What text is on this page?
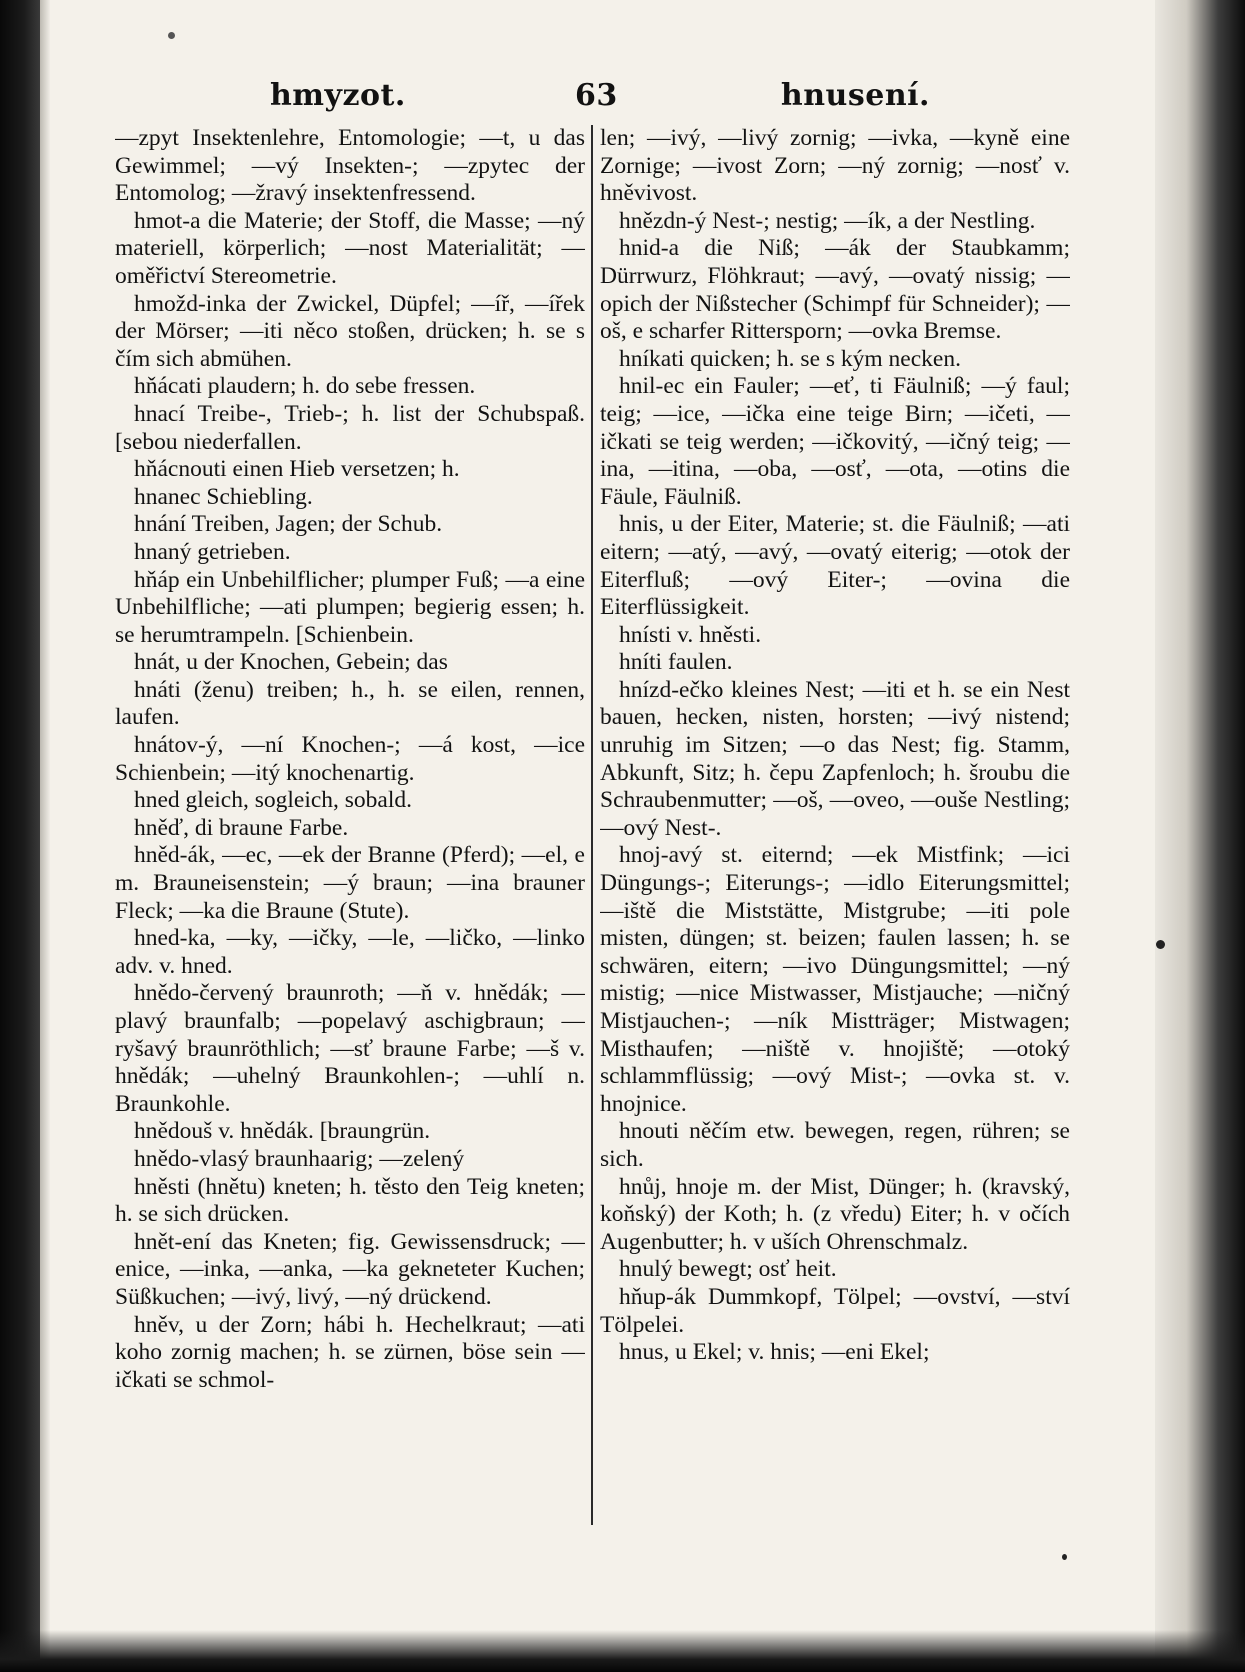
hmyzot.	63	hnusení.

—zpyt Insektenlehre, Entomologie; —t, u das Gewimmel; —vý Insekten-; —zpytec der Entomolog; —žravý insektenfressend.

hmot-a die Materie; der Stoff, die Masse; —ný materiell, körperlich; —nost Materialität; —oměřictví Stereometrie.

hmožd-inka der Zwickel, Düpfel; —íř, —ířek der Mörser; —iti něco stoßen, drücken; h. se s čím sich abmühen.

hňácati plaudern; h. do sebe fressen.

hnací Treibe-, Trieb-; h. list der Schubspaß. [sebou niederfallen.

hňácnouti einen Hieb versetzen; h.

hnanec Schiebling.

hnání Treiben, Jagen; der Schub.

hnaný getrieben.

hňáp ein Unbehilflicher; plumper Fuß; —a eine Unbehilfliche; —ati plumpen; begierig essen; h. se herumtrampeln. [Schienbein.

hnát, u der Knochen, Gebein; das

hnáti (ženu) treiben; h., h. se eilen, rennen, laufen.

hnátov-ý, —ní Knochen-; —á kost, —ice Schienbein; —itý knochenartig.

hned gleich, sogleich, sobald.

hněď, di braune Farbe.

hněd-ák, —ec, —ek der Branne (Pferd); —el, e m. Brauneisenstein; —ý braun; —ina brauner Fleck; —ka die Braune (Stute).

hned-ka, —ky, —ičky, —le, —ličko, —linko adv. v. hned.

hnědo-červený braunroth; —ň v. hnědák; —plavý braunfalb; —popelavý aschigbraun; —ryšavý braunröthlich; —sť braune Farbe; —š v. hnědák; —uhelný Braunkohlen-; —uhlí n. Braunkohle.

hnědouš v. hnědák. [braungrün.

hnědo-vlasý braunhaarig; —zelený

hněsti (hnětu) kneten; h. těsto den Teig kneten; h. se sich drücken.

hnět-ení das Kneten; fig. Gewissensdruck; —enice, —inka, —anka, —ka gekneteter Kuchen; Süßkuchen; —ivý, livý, —ný drückend.

hněv, u der Zorn; hábi h. Hechelkraut; —ati koho zornig machen; h. se zürnen, böse sein —ičkati se schmol-

len; —ivý, —livý zornig; —ivka, —kyně eine Zornige; —ivost Zorn; —ný zornig; —nosť v. hněvivost.

hnězdn-ý Nest-; nestig; —ík, a der Nestling.

hnid-a die Niß; —ák der Staubkamm; Dürrwurz, Flöhkraut; —avý, —ovatý nissig; —opich der Nißstecher (Schimpf für Schneider); —oš, e scharfer Rittersporn; —ovka Bremse.

hníkati quicken; h. se s kým necken.

hnil-ec ein Fauler; —eť, ti Fäulniß; —ý faul; teig; —ice, —ička eine teige Birn; —ičeti, —ičkati se teig werden; —ičkovitý, —ičný teig; —ina, —itina, —oba, —osť, —ota, —otins die Fäule, Fäulniß.

hnis, u der Eiter, Materie; st. die Fäulniß; —ati eitern; —atý, —avý, —ovatý eiterig; —otok der Eiterfluß; —ový Eiter-; —ovina die Eiterflüssigkeit.

hnísti v. hněsti.

hníti faulen.

hnízd-ečko kleines Nest; —iti et h. se ein Nest bauen, hecken, nisten, horsten; —ivý nistend; unruhig im Sitzen; —o das Nest; fig. Stamm, Abkunft, Sitz; h. čepu Zapfenloch; h. šroubu die Schraubenmutter; —oš, —oveo, —ouše Nestling; —ový Nest-.

hnoj-avý st. eiternd; —ek Mistfink; —ici Düngungs-; Eiterungs-; —idlo Eiterungsmittel; —iště die Miststätte, Mistgrube; —iti pole misten, düngen; st. beizen; faulen lassen; h. se schwären, eitern; —ivo Düngungsmittel; —ný mistig; —nice Mistwasser, Mistjauche; —ničný Mistjauchen-; —ník Mistträger; Mistwagen; Misthaufen; —niště v. hnojiště; —otoký schlammflüssig; —ový Mist-; —ovka st. v. hnojnice.

hnouti něčím etw. bewegen, regen, rühren; se sich.

hnůj, hnoje m. der Mist, Dünger; h. (kravský, koňský) der Koth; h. (z vředu) Eiter; h. v očích Augenbutter; h. v uších Ohrenschmalz.

hnulý bewegt; osť heit.

hňup-ák Dummkopf, Tölpel; —ovství, —ství Tölpelei.

hnus, u Ekel; v. hnis; —eni Ekel;
